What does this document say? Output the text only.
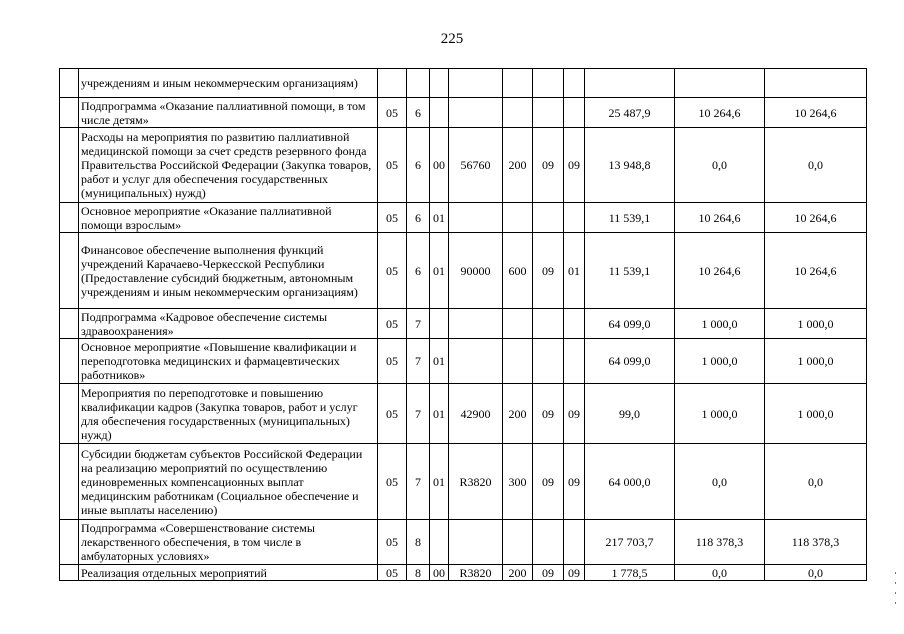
225
	учреждениям и иным некоммерческим организациям)										
	Подпрограмма «Оказание паллиативной помощи, в том числе детям»	05	6						25 487,9	10 264,6	10 264,6
	Расходы на мероприятия по развитию паллиативной медицинской помощи за счет средств резервного фонда Правительства Российской Федерации (Закупка товаров, работ и услуг для обеспечения государственных (муниципальных) нужд)	05	6	00	56760	200	09	09	13 948,8	0,0	0,0
	Основное мероприятие «Оказание паллиативной помощи взрослым»	05	6	01					11 539,1	10 264,6	10 264,6
	Финансовое обеспечение выполнения функций учреждений Карачаево-Черкесской Республики (Предоставление субсидий бюджетным, автономным учреждениям и иным некоммерческим организациям)	05	6	01	90000	600	09	01	11 539,1	10 264,6	10 264,6
	Подпрограмма «Кадровое обеспечение системы здравоохранения»	05	7						64 099,0	1 000,0	1 000,0
	Основное мероприятие «Повышение квалификации и переподготовка медицинских и фармацевтических работников»	05	7	01					64 099,0	1 000,0	1 000,0
	Мероприятия по переподготовке и повышению квалификации кадров (Закупка товаров, работ и услуг для обеспечения государственных (муниципальных) нужд)	05	7	01	42900	200	09	09	99,0	1 000,0	1 000,0
	Субсидии бюджетам субъектов Российской Федерации на реализацию мероприятий по осуществлению единовременных компенсационных выплат медицинским работникам (Социальное обеспечение и иные выплаты населению)	05	7	01	R3820	300	09	09	64 000,0	0,0	0,0
	Подпрограмма «Совершенствование системы лекарственного обеспечения, в том числе в амбулаторных условиях»	05	8						217 703,7	118 378,3	118 378,3
	Реализация отдельных мероприятий	05	8	00	R3820	200	09	09	1 778,5	0,0	0,0
